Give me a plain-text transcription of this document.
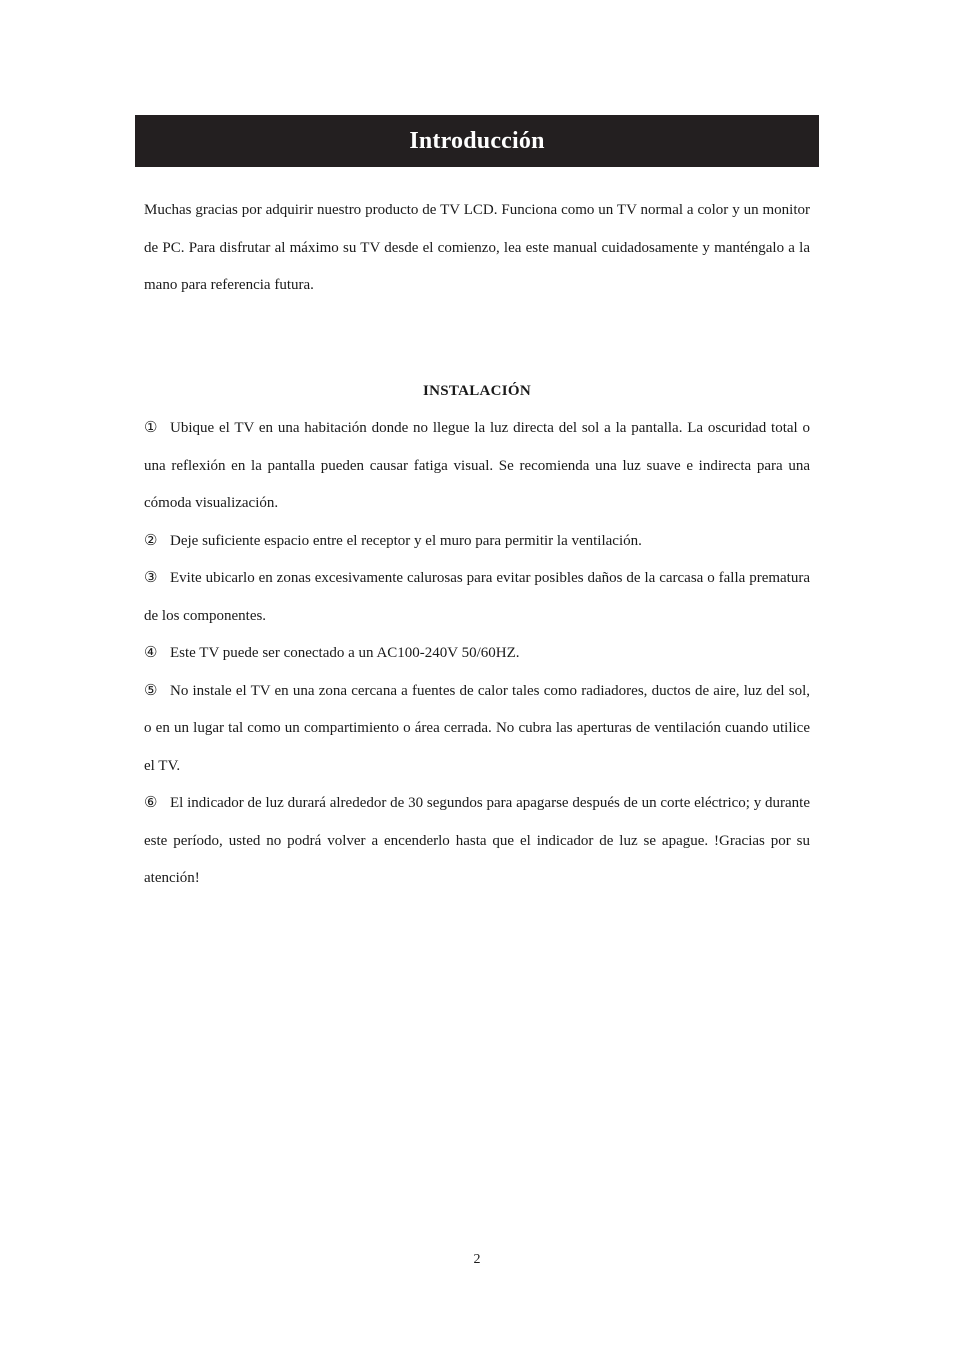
Introducción

Muchas gracias por adquirir nuestro producto de TV LCD. Funciona como un TV normal a color y un monitor de PC. Para disfrutar al máximo su TV desde el comienzo, lea este manual cuidadosamente y manténgalo a la mano para referencia futura.

INSTALACIÓN

① Ubique el TV en una habitación donde no llegue la luz directa del sol a la pantalla. La oscuridad total o una reflexión en la pantalla pueden causar fatiga visual. Se recomienda una luz suave e indirecta para una cómoda visualización.

② Deje suficiente espacio entre el receptor y el muro para permitir la ventilación.

③ Evite ubicarlo en zonas excesivamente calurosas para evitar posibles daños de la carcasa o falla prematura de los componentes.

④ Este TV puede ser conectado a un AC100-240V 50/60HZ.

⑤ No instale el TV en una zona cercana a fuentes de calor tales como radiadores, ductos de aire, luz del sol, o en un lugar tal como un compartimiento o área cerrada. No cubra las aperturas de ventilación cuando utilice el TV.

⑥ El indicador de luz durará alrededor de 30 segundos para apagarse después de un corte eléctrico; y durante este período, usted no podrá volver a encenderlo hasta que el indicador de luz se apague. !Gracias por su atención!

2
